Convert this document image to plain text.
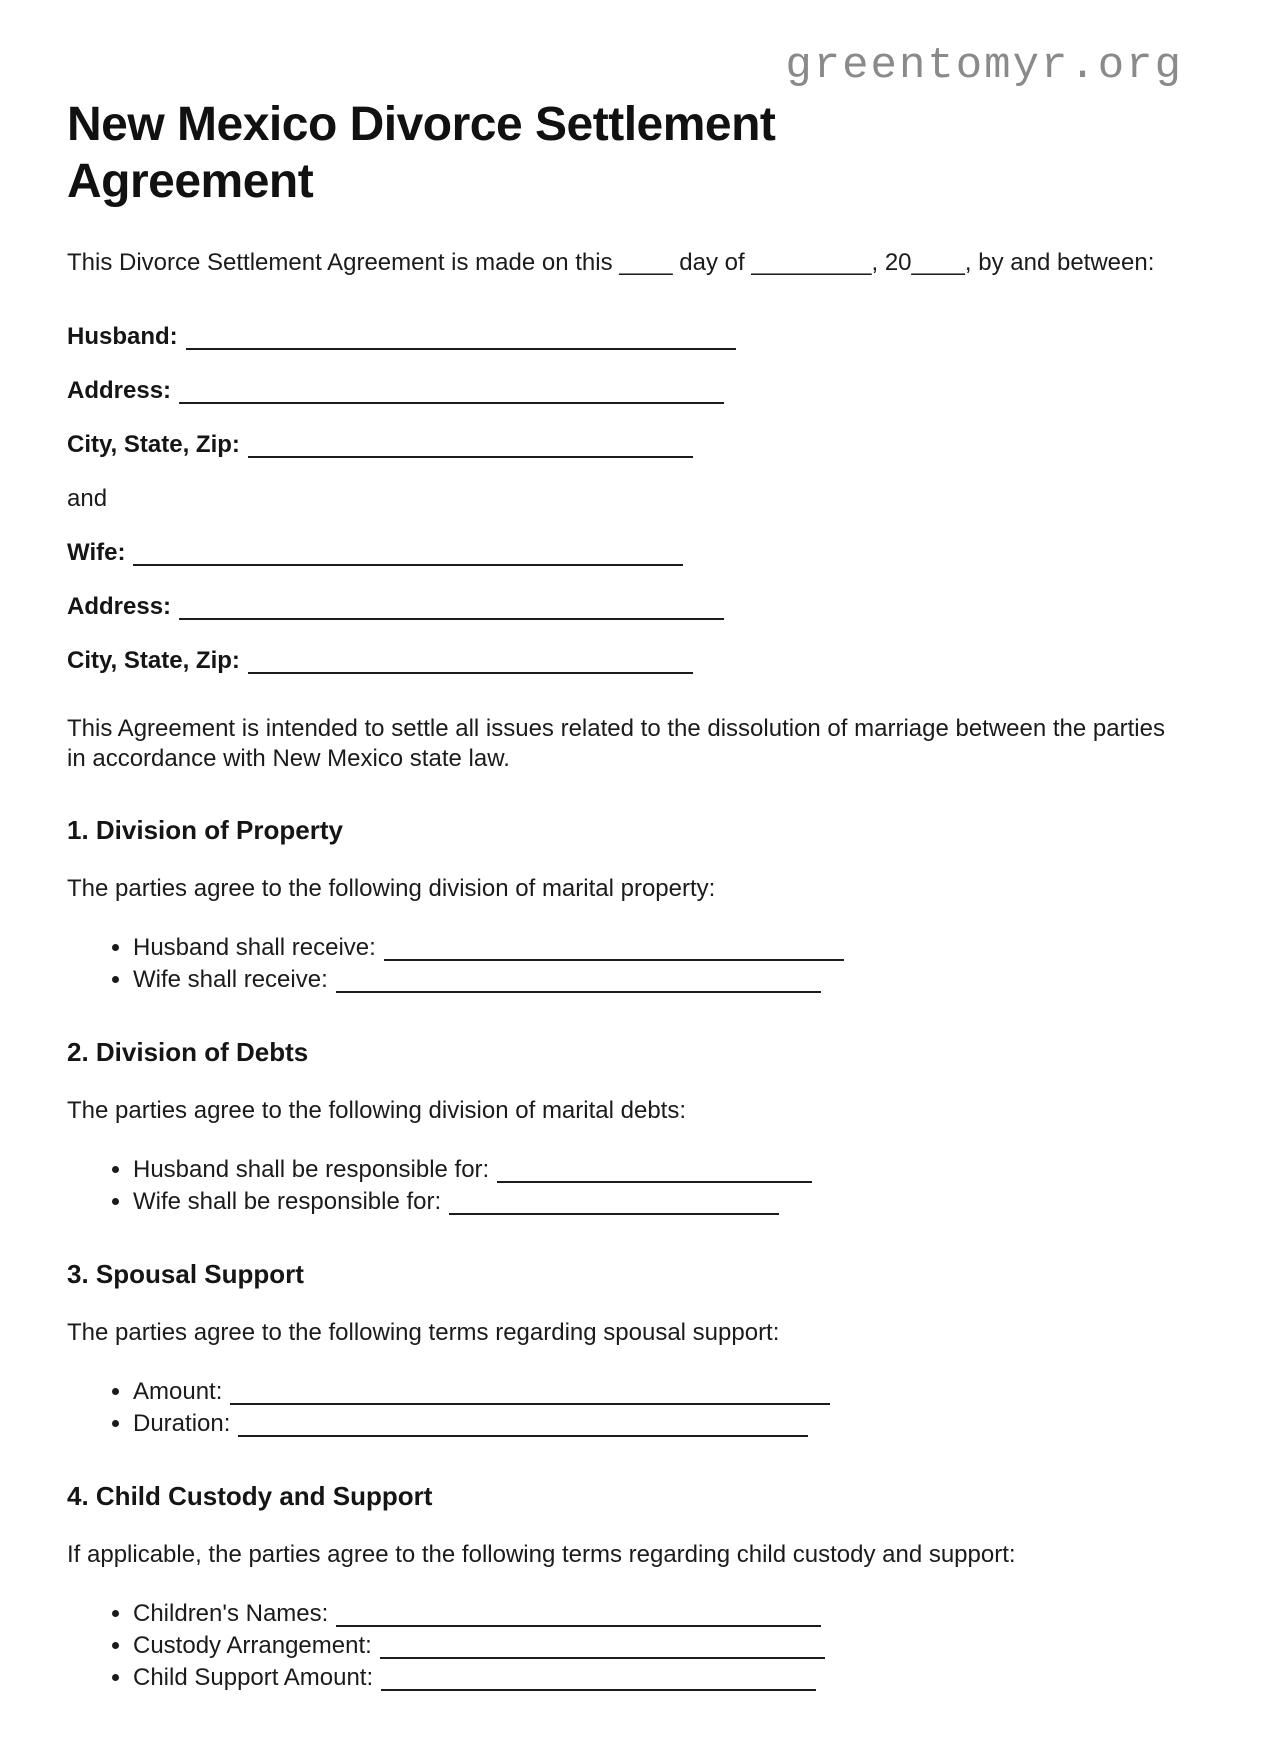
greentomyr.org
New Mexico Divorce Settlement Agreement

This Divorce Settlement Agreement is made on this ____ day of _________, 20____, by and between:

Husband:
Address:
City, State, Zip:
and
Wife:
Address:
City, State, Zip:

This Agreement is intended to settle all issues related to the dissolution of marriage between the parties in accordance with New Mexico state law.

1. Division of Property

The parties agree to the following division of marital property:

• Husband shall receive:
• Wife shall receive:
2. Division of Debts

The parties agree to the following division of marital debts:

• Husband shall be responsible for:
• Wife shall be responsible for:
3. Spousal Support

The parties agree to the following terms regarding spousal support:

• Amount:
• Duration:
4. Child Custody and Support

If applicable, the parties agree to the following terms regarding child custody and support:

• Children's Names:
• Custody Arrangement:
• Child Support Amount:
